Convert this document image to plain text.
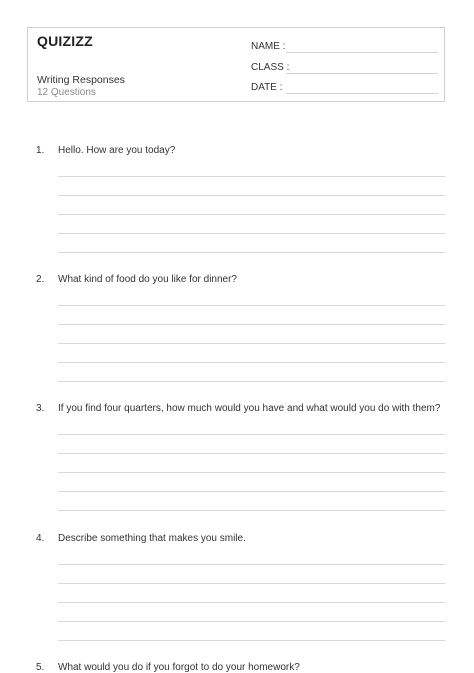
QUIZIZZ
Writing Responses
12 Questions
NAME :
CLASS :
DATE :
1. Hello. How are you today?
2. What kind of food do you like for dinner?
3. If you find four quarters, how much would you have and what would you do with them?
4. Describe something that makes you smile.
5. What would you do if you forgot to do your homework?
